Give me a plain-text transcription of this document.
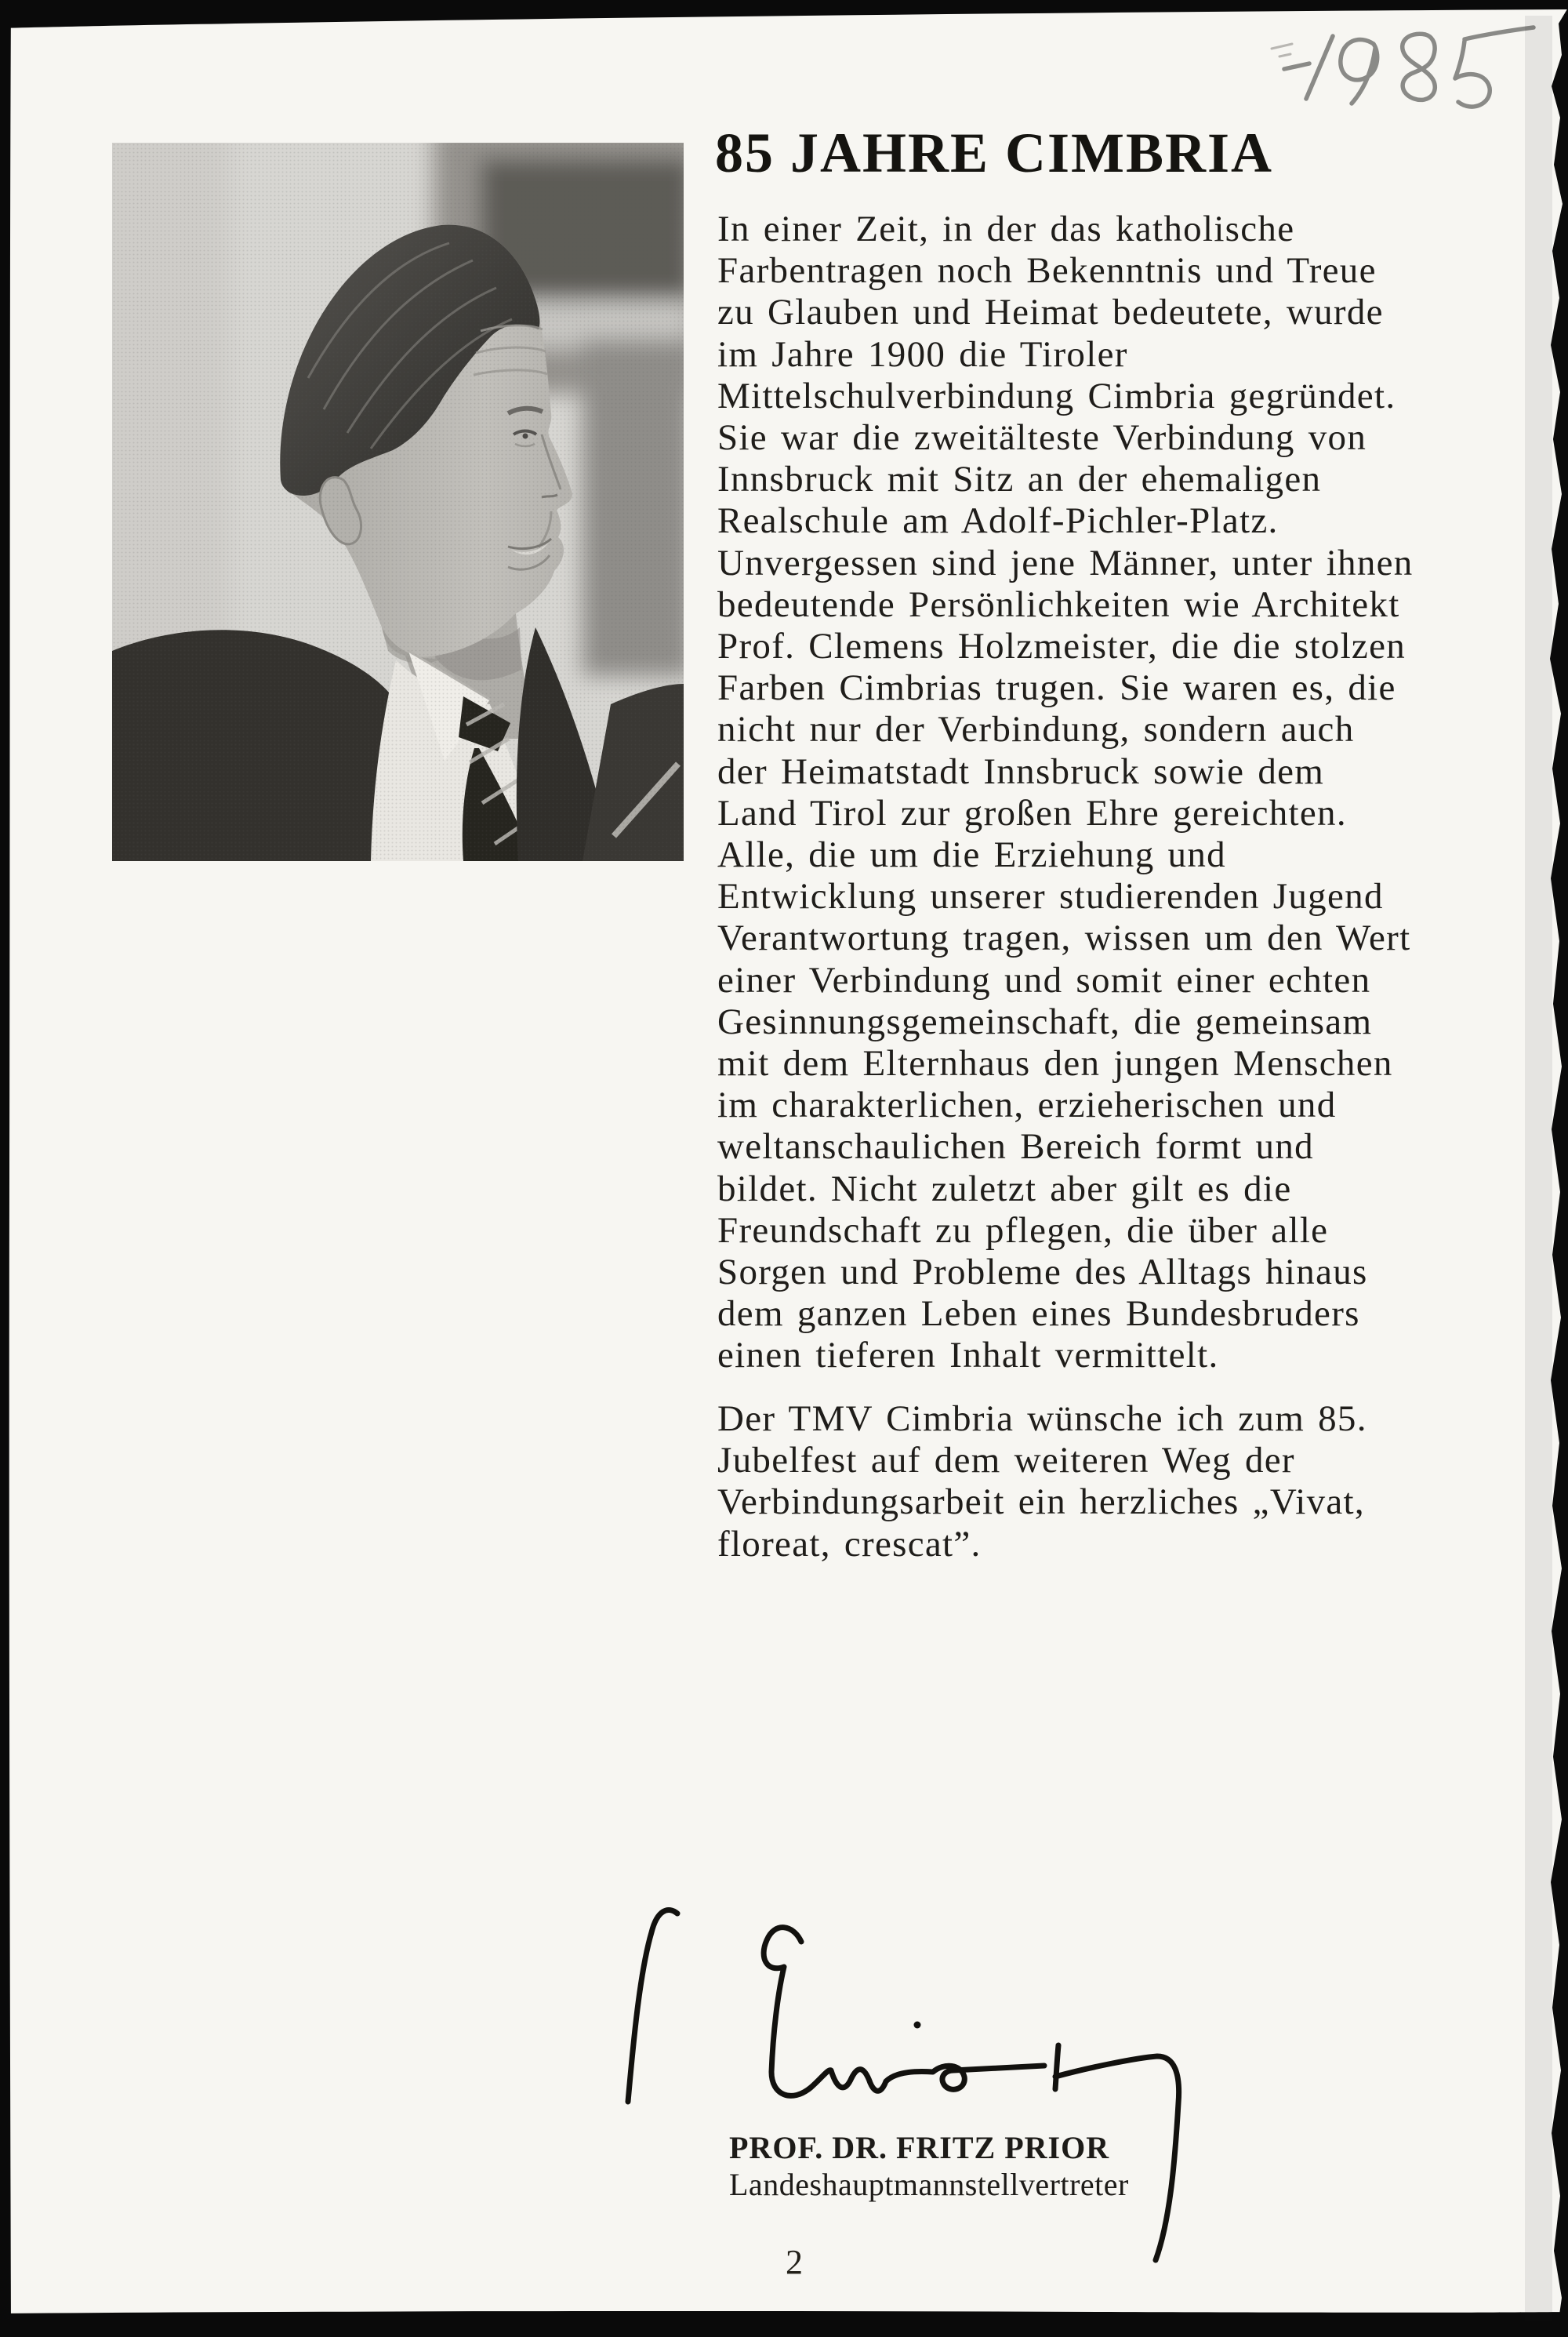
85 JAHRE CIMBRIA
In einer Zeit, in der das katholische
Farbentragen noch Bekenntnis und Treue
zu Glauben und Heimat bedeutete, wurde
im Jahre 1900 die Tiroler
Mittelschulverbindung Cimbria gegründet.
Sie war die zweitälteste Verbindung von
Innsbruck mit Sitz an der ehemaligen
Realschule am Adolf-Pichler-Platz.
Unvergessen sind jene Männer, unter ihnen
bedeutende Persönlichkeiten wie Architekt
Prof. Clemens Holzmeister, die die stolzen
Farben Cimbrias trugen. Sie waren es, die
nicht nur der Verbindung, sondern auch
der Heimatstadt Innsbruck sowie dem
Land Tirol zur großen Ehre gereichten.
Alle, die um die Erziehung und
Entwicklung unserer studierenden Jugend
Verantwortung tragen, wissen um den Wert
einer Verbindung und somit einer echten
Gesinnungsgemeinschaft, die gemeinsam
mit dem Elternhaus den jungen Menschen
im charakterlichen, erzieherischen und
weltanschaulichen Bereich formt und
bildet. Nicht zuletzt aber gilt es die
Freundschaft zu pflegen, die über alle
Sorgen und Probleme des Alltags hinaus
dem ganzen Leben eines Bundesbruders
einen tieferen Inhalt vermittelt.
Der TMV Cimbria wünsche ich zum 85.
Jubelfest auf dem weiteren Weg der
Verbindungsarbeit ein herzliches „Vivat,
floreat, crescat”.
PROF. DR. FRITZ PRIOR
Landeshauptmannstellvertreter
2
